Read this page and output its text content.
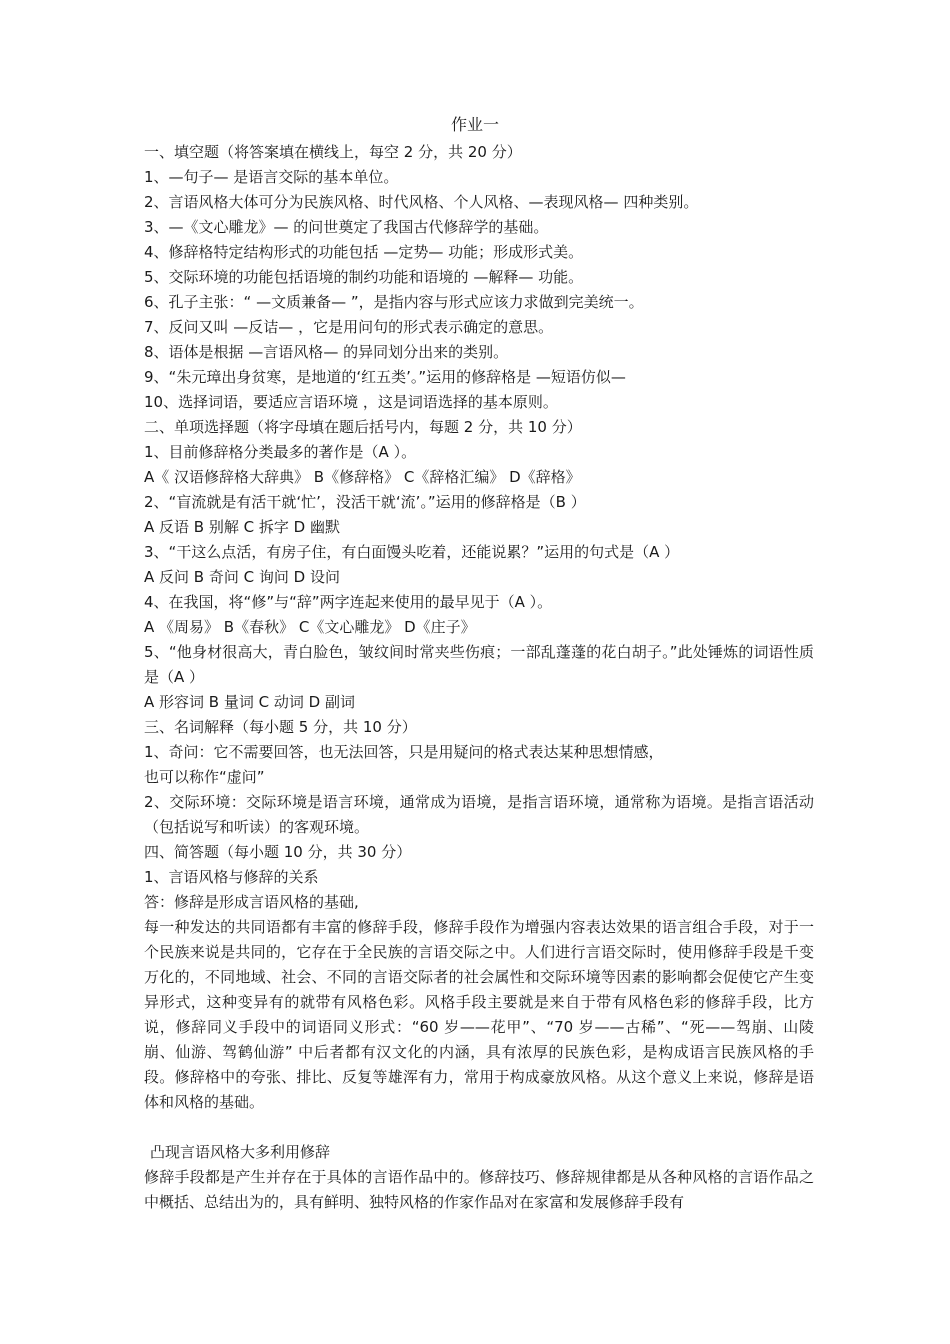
作业一
一、填空题（将答案填在横线上，每空 2 分，共 20 分）
1、—句子— 是语言交际的基本单位。
2、言语风格大体可分为民族风格、时代风格、个人风格、—表现风格— 四种类别。
3、—《文心雕龙》— 的问世奠定了我国古代修辞学的基础。
4、修辞格特定结构形式的功能包括 —定势— 功能；形成形式美。
5、交际环境的功能包括语境的制约功能和语境的 —解释— 功能。
6、孔子主张：“ —文质兼备— ”，是指内容与形式应该力求做到完美统一。
7、反问又叫 —反诘— ，它是用问句的形式表示确定的意思。
8、语体是根据 —言语风格— 的异同划分出来的类别。
9、“朱元璋出身贫寒，是地道的‘红五类’。”运用的修辞格是 —短语仿似—
10、选择词语，要适应言语环境 ，这是词语选择的基本原则。
二、单项选择题（将字母填在题后括号内，每题 2 分，共 10 分）
1、目前修辞格分类最多的著作是（A ）。
A《 汉语修辞格大辞典》 B《修辞格》 C《辞格汇编》 D《辞格》
2、“盲流就是有活干就‘忙’，没活干就‘流’。”运用的修辞格是（B ）
A 反语 B 别解 C 拆字 D 幽默
3、“干这么点活，有房子住，有白面馒头吃着，还能说累？”运用的句式是（A ）
A 反问 B 奇问 C 询问 D 设问
4、在我国，将“修”与“辞”两字连起来使用的最早见于（A ）。
A 《周易》 B《春秋》 C《文心雕龙》 D《庄子》
5、“他身材很高大，青白脸色，皱纹间时常夹些伤痕；一部乱蓬蓬的花白胡子。”此处锤炼的词语性质是（A ）
A 形容词 B 量词 C 动词 D 副词
三、名词解释（每小题 5 分，共 10 分）
1、奇问：它不需要回答，也无法回答，只是用疑问的格式表达某种思想情感，
也可以称作“虚问”
2、交际环境：交际环境是语言环境，通常成为语境，是指言语环境，通常称为语境。是指言语活动（包括说写和听读）的客观环境。
四、简答题（每小题 10 分，共 30 分）
1、言语风格与修辞的关系
答：修辞是形成言语风格的基础,
每一种发达的共同语都有丰富的修辞手段，修辞手段作为增强内容表达效果的语言组合手段，对于一个民族来说是共同的，它存在于全民族的言语交际之中。人们进行言语交际时，使用修辞手段是千变万化的，不同地域、社会、不同的言语交际者的社会属性和交际环境等因素的影响都会促使它产生变异形式，这种变异有的就带有风格色彩。风格手段主要就是来自于带有风格色彩的修辞手段，比方说，修辞同义手段中的词语同义形式：“60 岁——花甲”、“70 岁——古稀”、“死——驾崩、山陵崩、仙游、驾鹤仙游” 中后者都有汉文化的内涵，具有浓厚的民族色彩，是构成语言民族风格的手段。修辞格中的夸张、排比、反复等雄浑有力，常用于构成豪放风格。从这个意义上来说，修辞是语体和风格的基础。
凸现言语风格大多利用修辞
修辞手段都是产生并存在于具体的言语作品中的。修辞技巧、修辞规律都是从各种风格的言语作品之中概括、总结出为的，具有鲜明、独特风格的作家作品对在家富和发展修辞手段有
